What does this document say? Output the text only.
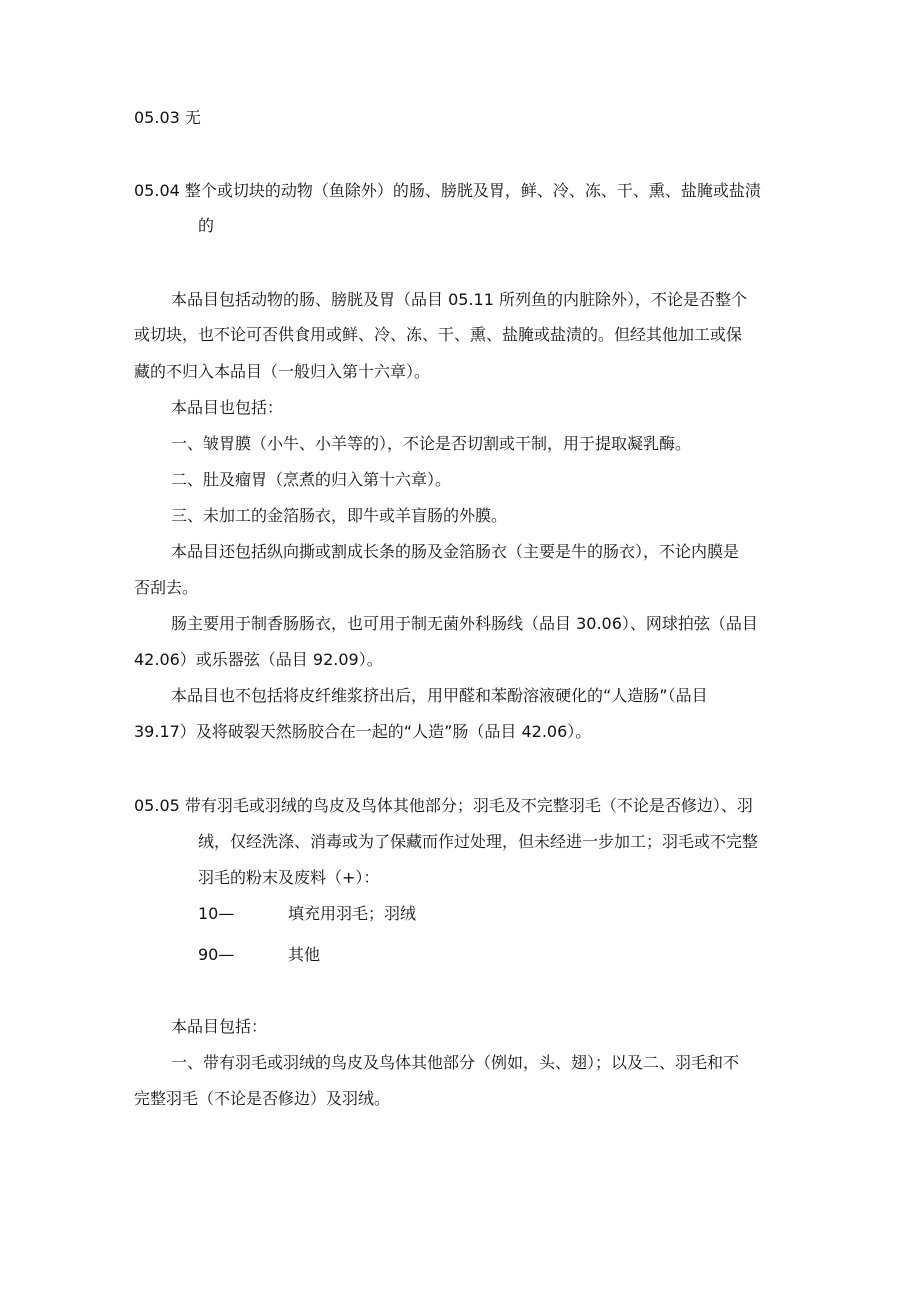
05.03 无
05.04 整个或切块的动物（鱼除外）的肠、膀胱及胃，鲜、冷、冻、干、熏、盐腌或盐渍
的
本品目包括动物的肠、膀胱及胃（品目 05.11 所列鱼的内脏除外），不论是否整个
或切块，也不论可否供食用或鲜、冷、冻、干、熏、盐腌或盐渍的。但经其他加工或保
藏的不归入本品目（一般归入第十六章）。
本品目也包括：
一、皱胃膜（小牛、小羊等的），不论是否切割或干制，用于提取凝乳酶。
二、肚及瘤胃（烹煮的归入第十六章）。
三、未加工的金箔肠衣，即牛或羊盲肠的外膜。
本品目还包括纵向撕或割成长条的肠及金箔肠衣（主要是牛的肠衣），不论内膜是
否刮去。
肠主要用于制香肠肠衣，也可用于制无菌外科肠线（品目 30.06）、网球拍弦（品目
42.06）或乐器弦（品目 92.09）。
本品目也不包括将皮纤维浆挤出后，用甲醛和苯酚溶液硬化的“人造肠”（品目
39.17）及将破裂天然肠胶合在一起的“人造”肠（品目 42.06）。
05.05 带有羽毛或羽绒的鸟皮及鸟体其他部分；羽毛及不完整羽毛（不论是否修边）、羽
绒，仅经洗涤、消毒或为了保藏而作过处理，但未经进一步加工；羽毛或不完整
羽毛的粉末及废料（+）：
10—	填充用羽毛；羽绒
90—	其他
本品目包括：
一、带有羽毛或羽绒的鸟皮及鸟体其他部分（例如，头、翅）；以及二、羽毛和不
完整羽毛（不论是否修边）及羽绒。
